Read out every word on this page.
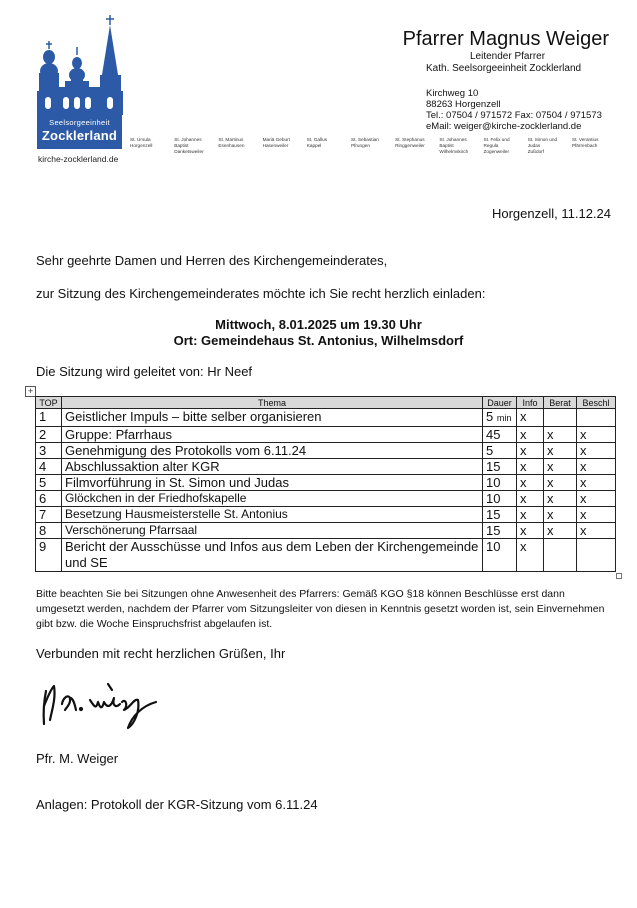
Seelsorgeeinheit
Zocklerland
kirche-zocklerland.de
St. Ursula
Horgenzell
St. Johannes Baptist
Danketsweiler
St. Martinus
Esenhausen
Mariä Geburt
Hasenweiler
St. Gallus
Kappel
St. Sebastian
Pfrungen
St. Stephanus
Ringgenweiler
St. Johannes Baptist
Wilhelmskirch
St. Felix und Regula
Zogenweiler
St. Simon und Judas
Zußdorf
St. Verantius
Pfärrenbach
Pfarrer Magnus Weiger
Leitender Pfarrer
Kath. Seelsorgeeinheit Zocklerland
Kirchweg 10
88263 Horgenzell
Tel.: 07504 / 971572 Fax: 07504 / 971573
eMail: weiger@kirche-zocklerland.de
Horgenzell, 11.12.24
Sehr geehrte Damen und Herren des Kirchengemeinderates,
zur Sitzung des Kirchengemeinderates möchte ich Sie recht herzlich einladen:
Mittwoch, 8.01.2025 um 19.30 Uhr
Ort: Gemeindehaus St. Antonius, Wilhelmsdorf
Die Sitzung wird geleitet von: Hr Neef
+
TOP	Thema	Dauer	Info	Berat	Beschl
1	Geistlicher Impuls – bitte selber organisieren	5 min	x		
2	Gruppe: Pfarrhaus	45	x	x	x
3	Genehmigung des Protokolls vom 6.11.24	5	x	x	x
4	Abschlussaktion alter KGR	15	x	x	x
5	Filmvorführung in St. Simon und Judas	10	x	x	x
6	Glöckchen in der Friedhofskapelle	10	x	x	x
7	Besetzung Hausmeisterstelle St. Antonius	15	x	x	x
8	Verschönerung Pfarrsaal	15	x	x	x
9	Bericht der Ausschüsse und Infos aus dem Leben der Kirchengemeinde und SE	10	x		
Bitte beachten Sie bei Sitzungen ohne Anwesenheit des Pfarrers: Gemäß KGO §18 können Beschlüsse erst dann umgesetzt werden, nachdem der Pfarrer vom Sitzungsleiter von diesen in Kenntnis gesetzt worden ist, sein Einvernehmen gibt bzw. die Woche Einspruchsfrist abgelaufen ist.
Verbunden mit recht herzlichen Grüßen, Ihr
Pfr. M. Weiger
Anlagen: Protokoll der KGR-Sitzung vom 6.11.24
